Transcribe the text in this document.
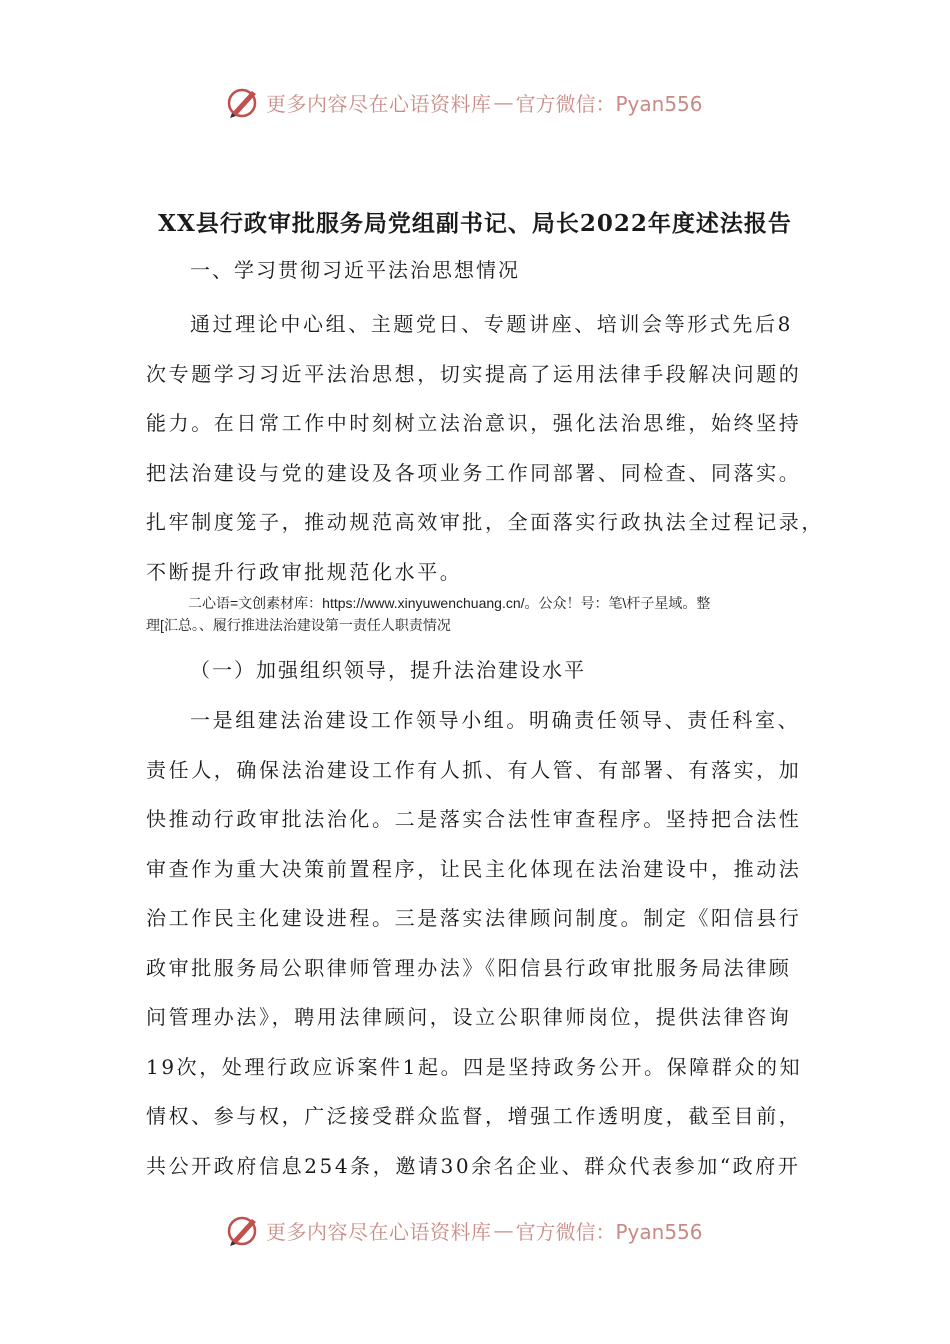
更多内容尽在心语资料库 — 官方微信：Pyan556
XX县行政审批服务局党组副书记、局长2022年度述法报告
一、学习贯彻习近平法治思想情况
通过理论中心组、主题党日、专题讲座、培训会等形式先后8
次专题学习习近平法治思想，切实提高了运用法律手段解决问题的
能力。在日常工作中时刻树立法治意识，强化法治思维，始终坚持
把法治建设与党的建设及各项业务工作同部署、同检查、同落实。
扎牢制度笼子，推动规范高效审批，全面落实行政执法全过程记录，
不断提升行政审批规范化水平。
二心语=文创素材库：https://www.xinyuwenchuang.cn/。公众！号：笔\杆子星域。整
理[汇总。、履行推进法治建设第一责任人职责情况
（一）加强组织领导，提升法治建设水平
一是组建法治建设工作领导小组。明确责任领导、责任科室、
责任人，确保法治建设工作有人抓、有人管、有部署、有落实，加
快推动行政审批法治化。二是落实合法性审查程序。坚持把合法性
审查作为重大决策前置程序，让民主化体现在法治建设中，推动法
治工作民主化建设进程。三是落实法律顾问制度。制定《阳信县行
政审批服务局公职律师管理办法》《阳信县行政审批服务局法律顾
问管理办法》，聘用法律顾问，设立公职律师岗位，提供法律咨询
19次，处理行政应诉案件1起。四是坚持政务公开。保障群众的知
情权、参与权，广泛接受群众监督，增强工作透明度，截至目前，
共公开政府信息254条，邀请30余名企业、群众代表参加“政府开
更多内容尽在心语资料库 — 官方微信：Pyan556
